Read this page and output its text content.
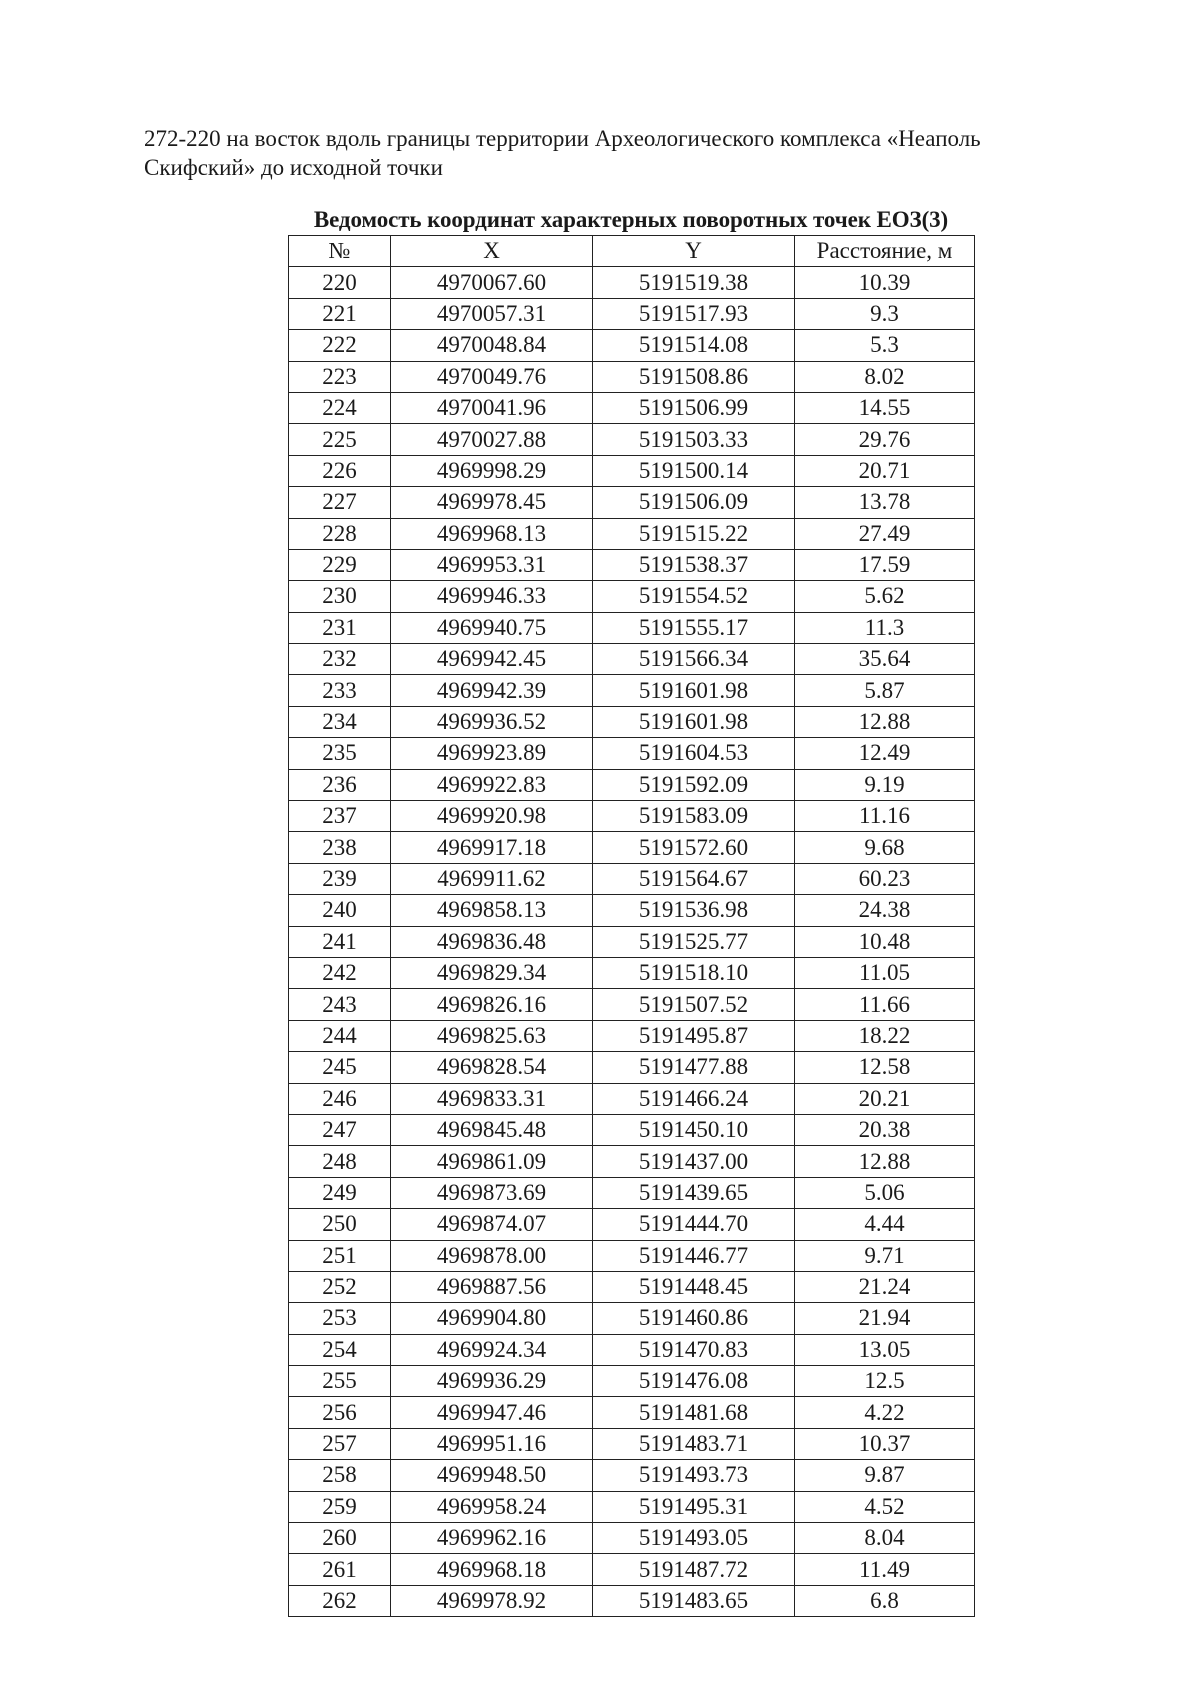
272-220 на восток вдоль границы территории Археологического комплекса «Неаполь Скифский» до исходной точки

Ведомость координат характерных поворотных точек ЕОЗ(3)
№	X	Y	Расстояние, м
220	4970067.60	5191519.38	10.39
221	4970057.31	5191517.93	9.3
222	4970048.84	5191514.08	5.3
223	4970049.76	5191508.86	8.02
224	4970041.96	5191506.99	14.55
225	4970027.88	5191503.33	29.76
226	4969998.29	5191500.14	20.71
227	4969978.45	5191506.09	13.78
228	4969968.13	5191515.22	27.49
229	4969953.31	5191538.37	17.59
230	4969946.33	5191554.52	5.62
231	4969940.75	5191555.17	11.3
232	4969942.45	5191566.34	35.64
233	4969942.39	5191601.98	5.87
234	4969936.52	5191601.98	12.88
235	4969923.89	5191604.53	12.49
236	4969922.83	5191592.09	9.19
237	4969920.98	5191583.09	11.16
238	4969917.18	5191572.60	9.68
239	4969911.62	5191564.67	60.23
240	4969858.13	5191536.98	24.38
241	4969836.48	5191525.77	10.48
242	4969829.34	5191518.10	11.05
243	4969826.16	5191507.52	11.66
244	4969825.63	5191495.87	18.22
245	4969828.54	5191477.88	12.58
246	4969833.31	5191466.24	20.21
247	4969845.48	5191450.10	20.38
248	4969861.09	5191437.00	12.88
249	4969873.69	5191439.65	5.06
250	4969874.07	5191444.70	4.44
251	4969878.00	5191446.77	9.71
252	4969887.56	5191448.45	21.24
253	4969904.80	5191460.86	21.94
254	4969924.34	5191470.83	13.05
255	4969936.29	5191476.08	12.5
256	4969947.46	5191481.68	4.22
257	4969951.16	5191483.71	10.37
258	4969948.50	5191493.73	9.87
259	4969958.24	5191495.31	4.52
260	4969962.16	5191493.05	8.04
261	4969968.18	5191487.72	11.49
262	4969978.92	5191483.65	6.8
